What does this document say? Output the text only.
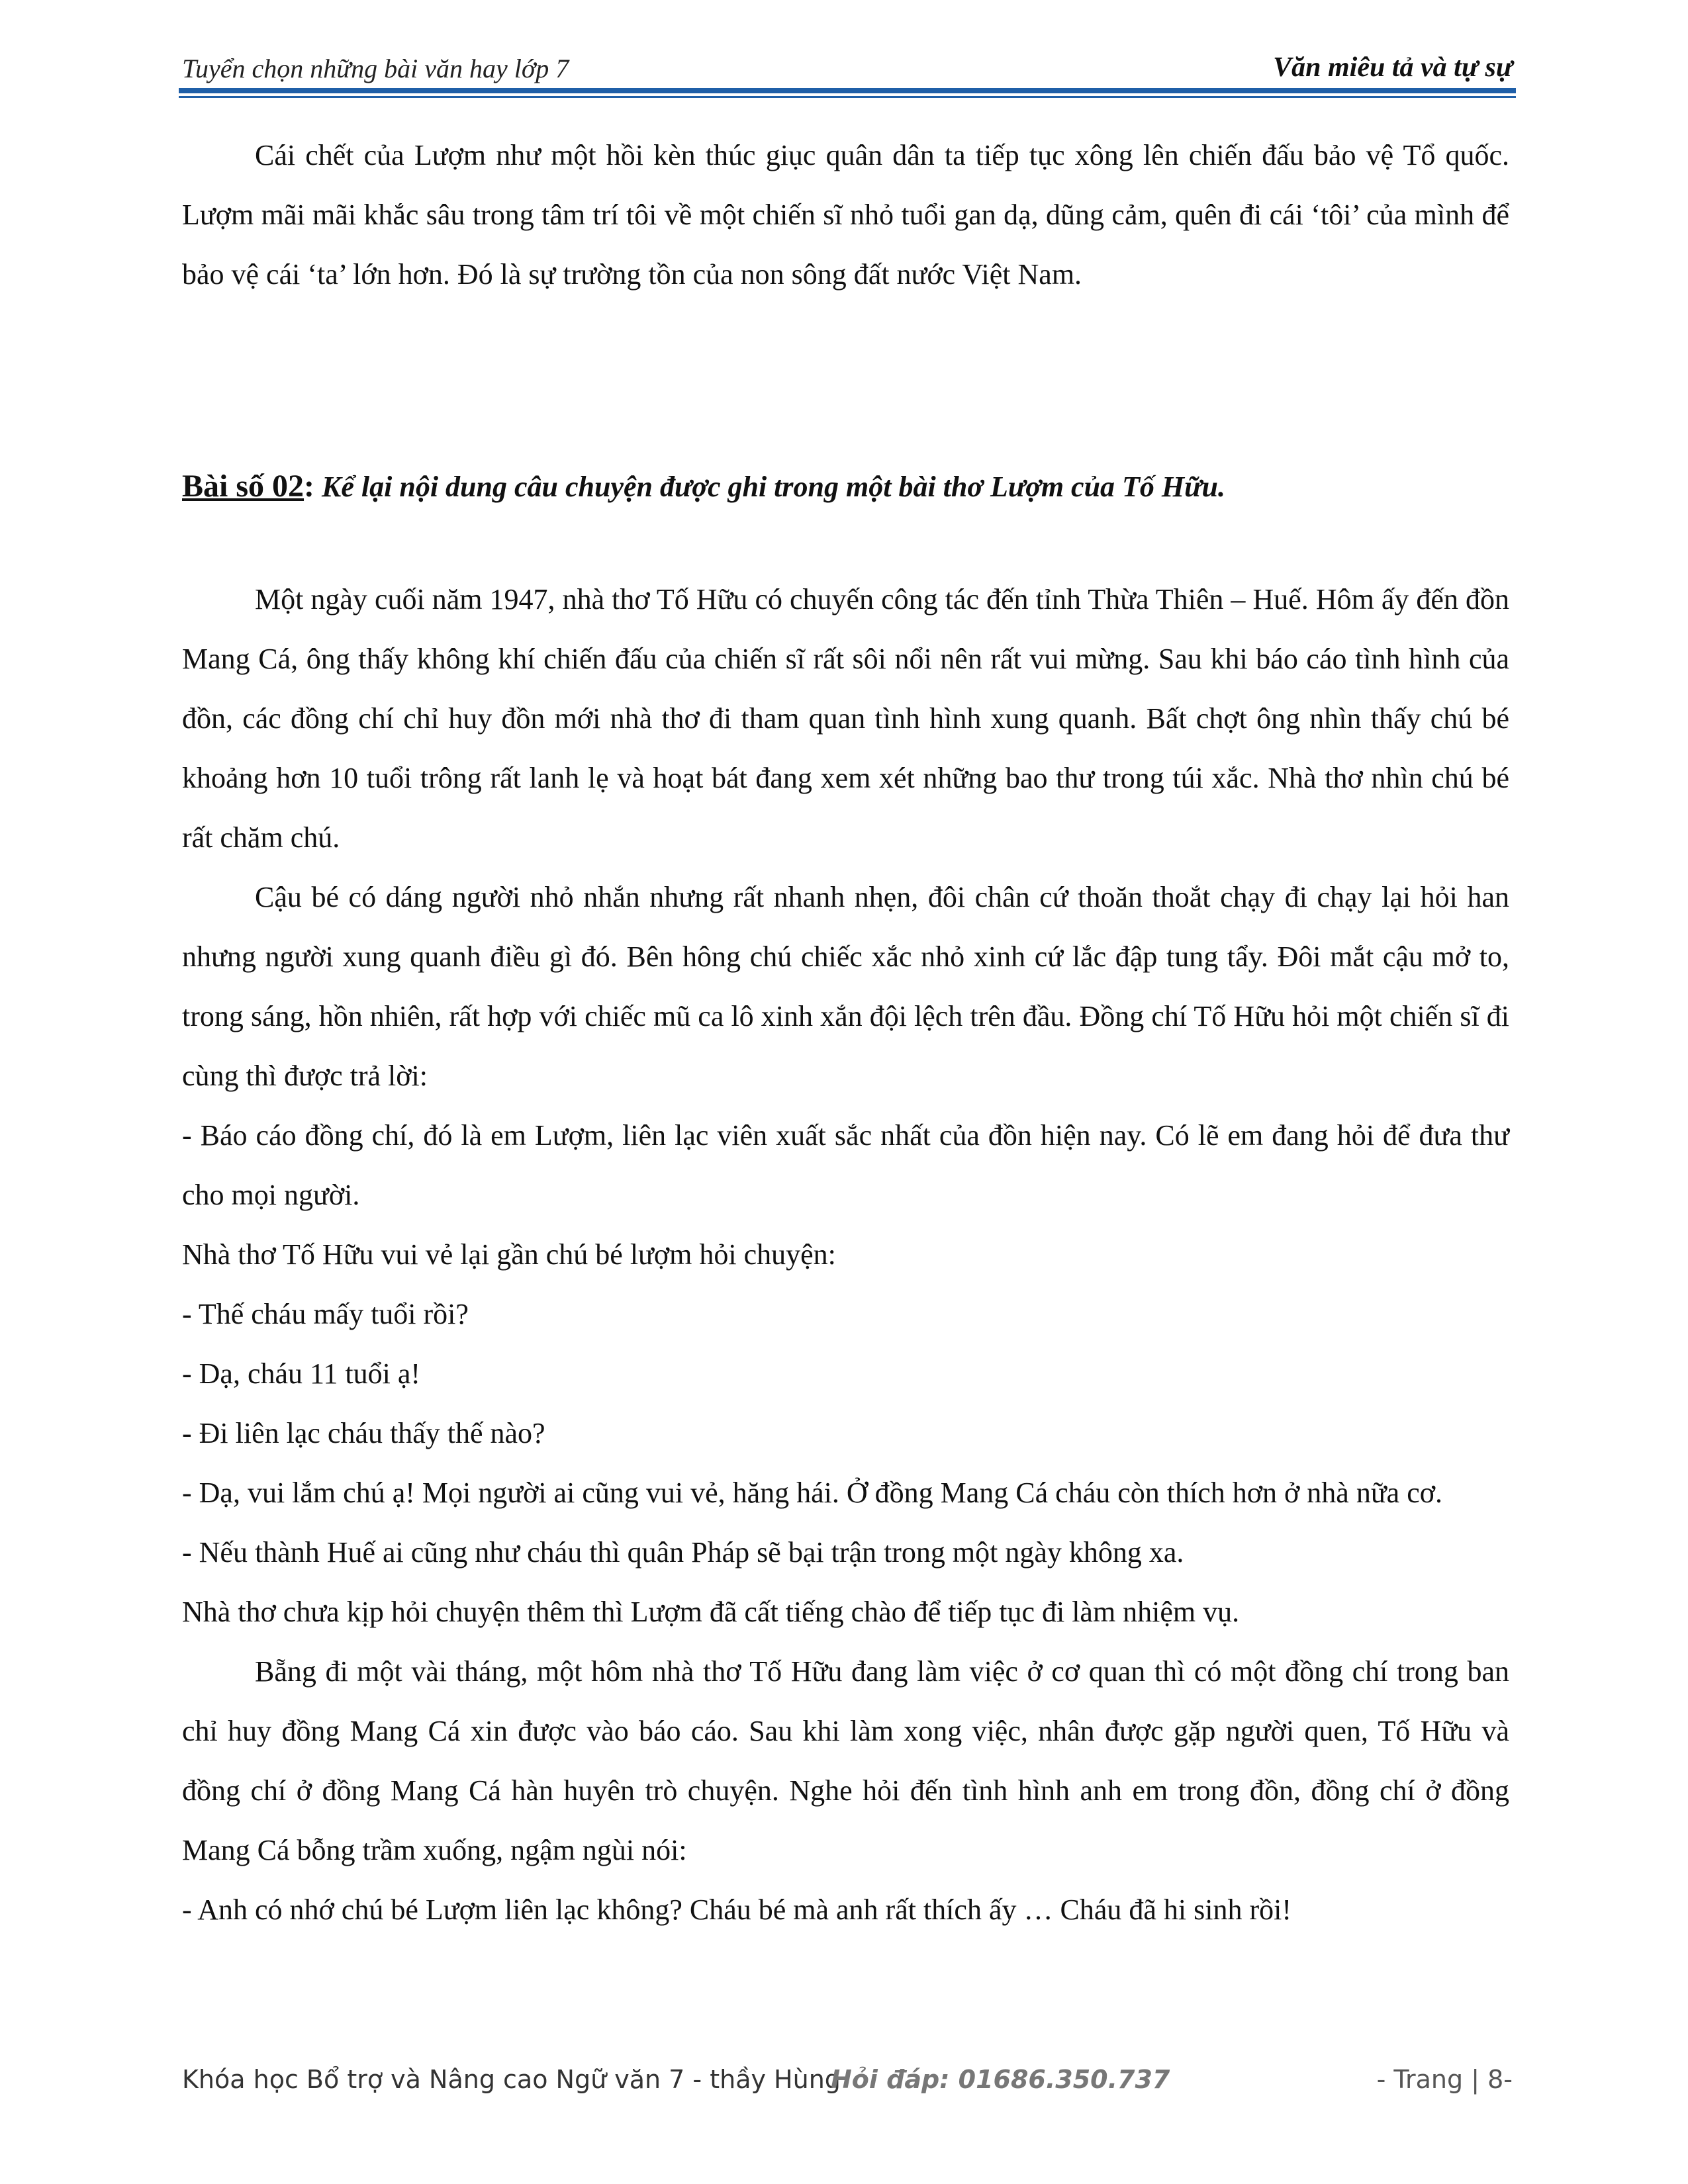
Tuyển chọn những bài văn hay lớp 7	Văn miêu tả và tự sự

Cái chết của Lượm như một hồi kèn thúc giục quân dân ta tiếp tục xông lên chiến đấu bảo vệ Tổ quốc. Lượm mãi mãi khắc sâu trong tâm trí tôi về một chiến sĩ nhỏ tuổi gan dạ, dũng cảm, quên đi cái ‘tôi’ của mình để bảo vệ cái ‘ta’ lớn hơn. Đó là sự trường tồn của non sông đất nước Việt Nam.

Bài số 02: Kể lại nội dung câu chuyện được ghi trong một bài thơ Lượm của Tố Hữu.

Một ngày cuối năm 1947, nhà thơ Tố Hữu có chuyến công tác đến tỉnh Thừa Thiên – Huế. Hôm ấy đến đồn Mang Cá, ông thấy không khí chiến đấu của chiến sĩ rất sôi nổi nên rất vui mừng. Sau khi báo cáo tình hình của đồn, các đồng chí chỉ huy đồn mới nhà thơ đi tham quan tình hình xung quanh. Bất chợt ông nhìn thấy chú bé khoảng hơn 10 tuổi trông rất lanh lẹ và hoạt bát đang xem xét những bao thư trong túi xắc. Nhà thơ nhìn chú bé rất chăm chú.

Cậu bé có dáng người nhỏ nhắn nhưng rất nhanh nhẹn, đôi chân cứ thoăn thoắt chạy đi chạy lại hỏi han nhưng người xung quanh điều gì đó. Bên hông chú chiếc xắc nhỏ xinh cứ lắc đập tung tẩy. Đôi mắt cậu mở to, trong sáng, hồn nhiên, rất hợp với chiếc mũ ca lô xinh xắn đội lệch trên đầu. Đồng chí Tố Hữu hỏi một chiến sĩ đi cùng thì được trả lời:

- Báo cáo đồng chí, đó là em Lượm, liên lạc viên xuất sắc nhất của đồn hiện nay. Có lẽ em đang hỏi để đưa thư cho mọi người.

Nhà thơ Tố Hữu vui vẻ lại gần chú bé lượm hỏi chuyện:

- Thế cháu mấy tuổi rồi?

- Dạ, cháu 11 tuổi ạ!

- Đi liên lạc cháu thấy thế nào?

- Dạ, vui lắm chú ạ! Mọi người ai cũng vui vẻ, hăng hái. Ở đồng Mang Cá cháu còn thích hơn ở nhà nữa cơ.

- Nếu thành Huế ai cũng như cháu thì quân Pháp sẽ bại trận trong một ngày không xa.

Nhà thơ chưa kịp hỏi chuyện thêm thì Lượm đã cất tiếng chào để tiếp tục đi làm nhiệm vụ.

Bẵng đi một vài tháng, một hôm nhà thơ Tố Hữu đang làm việc ở cơ quan thì có một đồng chí trong ban chỉ huy đồng Mang Cá xin được vào báo cáo. Sau khi làm xong việc, nhân được gặp người quen, Tố Hữu và đồng chí ở đồng Mang Cá hàn huyên trò chuyện. Nghe hỏi đến tình hình anh em trong đồn, đồng chí ở đồng Mang Cá bỗng trầm xuống, ngậm ngùi nói:

- Anh có nhớ chú bé Lượm liên lạc không? Cháu bé mà anh rất thích ấy … Cháu đã hi sinh rồi!

Khóa học Bổ trợ và Nâng cao Ngữ văn 7 - thầy Hùng
Hỏi đáp: 01686.350.737	- Trang | 8-
